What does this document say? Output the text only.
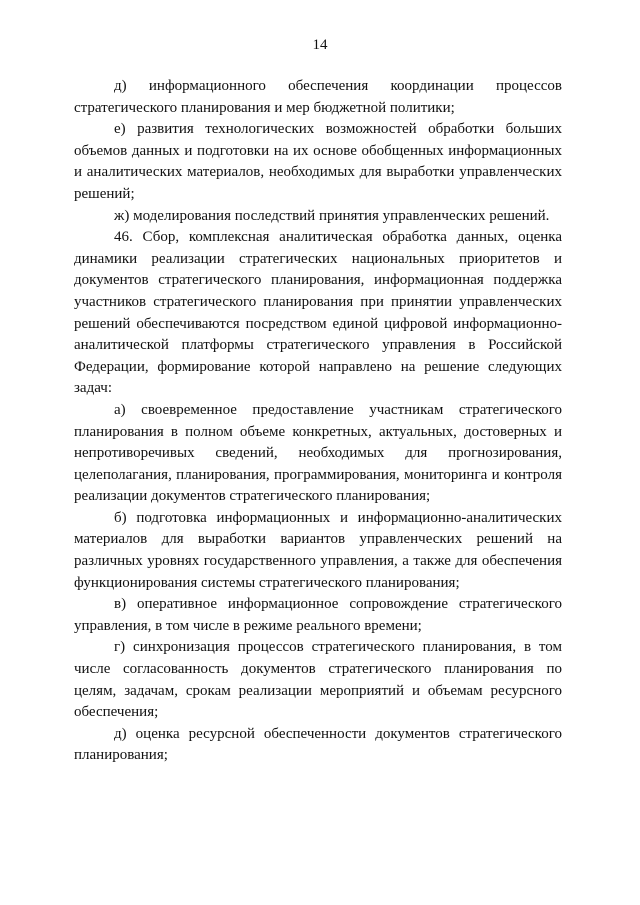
14

д) информационного обеспечения координации процессов стратегического планирования и мер бюджетной политики;

е) развития технологических возможностей обработки больших объемов данных и подготовки на их основе обобщенных информационных и аналитических материалов, необходимых для выработки управленческих решений;

ж) моделирования последствий принятия управленческих решений.

46. Сбор, комплексная аналитическая обработка данных, оценка динамики реализации стратегических национальных приоритетов и документов стратегического планирования, информационная поддержка участников стратегического планирования при принятии управленческих решений обеспечиваются посредством единой цифровой информационно-аналитической платформы стратегического управления в Российской Федерации, формирование которой направлено на решение следующих задач:

а) своевременное предоставление участникам стратегического планирования в полном объеме конкретных, актуальных, достоверных и непротиворечивых сведений, необходимых для прогнозирования, целеполагания, планирования, программирования, мониторинга и контроля реализации документов стратегического планирования;

б) подготовка информационных и информационно-аналитических материалов для выработки вариантов управленческих решений на различных уровнях государственного управления, а также для обеспечения функционирования системы стратегического планирования;

в) оперативное информационное сопровождение стратегического управления, в том числе в режиме реального времени;

г) синхронизация процессов стратегического планирования, в том числе согласованность документов стратегического планирования по целям, задачам, срокам реализации мероприятий и объемам ресурсного обеспечения;

д) оценка ресурсной обеспеченности документов стратегического планирования;
